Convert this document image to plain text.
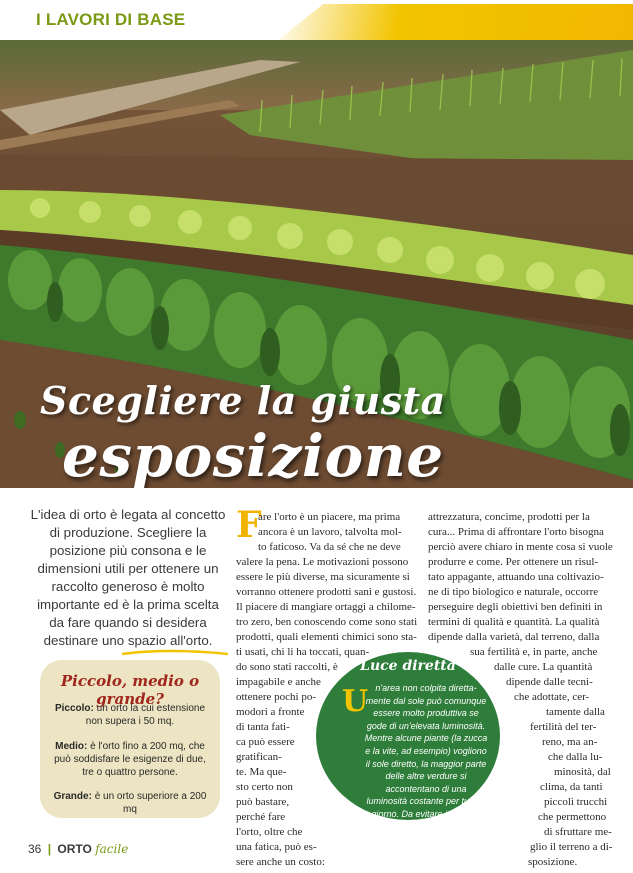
I LAVORI DI BASE
Scegliere la giusta
esposizione
L'idea di orto è legata al concetto di produzione. Scegliere la posizione più consona e le dimensioni utili per ottenere un raccolto generoso è molto importante ed è la prima scelta da fare quando si desidera destinare uno spazio all'orto.
Piccolo, medio o grande?
Piccolo: un orto la cui estensione non supera i 50 mq.
Medio: è l'orto fino a 200 mq, che può soddisfare le esigenze di due, tre o quattro persone.
Grande: è un orto superiore a 200 mq
F
are l'orto è un piacere, ma prima
ancora è un lavoro, talvolta mol-
to faticoso. Va da sé che ne deve
valere la pena. Le motivazioni possono
essere le più diverse, ma sicuramente si
vorranno ottenere prodotti sani e gustosi.
Il piacere di mangiare ortaggi a chilome-
tro zero, ben conoscendo come sono stati
prodotti, quali elementi chimici sono sta-
ti usati, chi li ha toccati, quan-
do sono stati raccolti, è
impagabile e anche
ottenere pochi po-
modori a fronte
di tanta fati-
ca può essere
gratifican-
te. Ma que-
sto certo non
può bastare,
perché fare
l'orto, oltre che
una fatica, può es-
sere anche un costo:
attrezzatura, concime, prodotti per la
cura... Prima di affrontare l'orto bisogna
perciò avere chiaro in mente cosa si vuole
produrre e come. Per ottenere un risul-
tato appagante, attuando una coltivazio-
ne di tipo biologico e naturale, occorre
perseguire degli obiettivi ben definiti in
termini di qualità e quantità. La qualità
dipende dalla varietà, dal terreno, dalla
sua fertilità e, in parte, anche
dalle cure. La quantità
dipende dalle tecni-
che adottate, cer-
tamente dalla
fertilità del ter-
reno, ma an-
che dalla lu-
minosità, dal
clima, da tanti
piccoli trucchi
che permettono
di sfruttare me-
glio il terreno a di-
sposizione.
Luce diretta
U n'area non colpita diretta-mente dal sole può comunque essere molto produttiva se gode di un'elevata luminosità. Mentre alcune piante (la zucca e la vite, ad esempio) vogliono il sole diretto, la maggior parte delle altre verdure si accontentano di una luminosità costante per tutto il giorno. Da evitare invece le zone normalmente in ombra scura.
36 | ORTO facile
